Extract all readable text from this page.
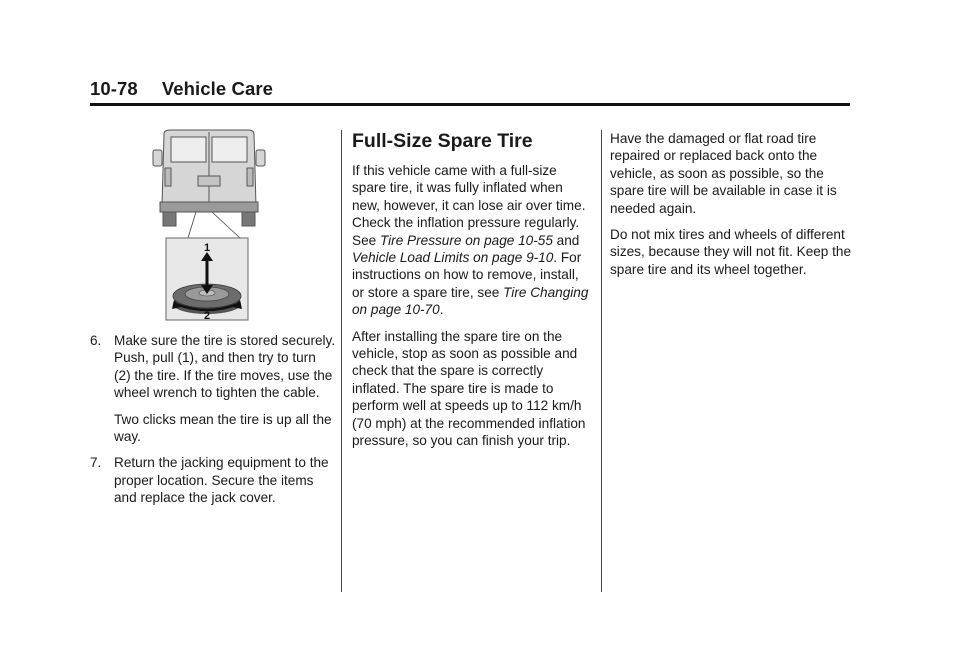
10-78 Vehicle Care
1
2
6. Make sure the tire is stored securely. Push, pull (1), and then try to turn (2) the tire. If the tire moves, use the wheel wrench to tighten the cable.
Two clicks mean the tire is up all the way.
7. Return the jacking equipment to the proper location. Secure the items and replace the jack cover.
Full-Size Spare Tire

If this vehicle came with a full-size spare tire, it was fully inflated when new, however, it can lose air over time. Check the inflation pressure regularly. See Tire Pressure on page 10-55 and Vehicle Load Limits on page 9-10. For instructions on how to remove, install, or store a spare tire, see Tire Changing on page 10-70.

After installing the spare tire on the vehicle, stop as soon as possible and check that the spare is correctly inflated. The spare tire is made to perform well at speeds up to 112 km/h (70 mph) at the recommended inflation pressure, so you can finish your trip.

Have the damaged or flat road tire repaired or replaced back onto the vehicle, as soon as possible, so the spare tire will be available in case it is needed again.

Do not mix tires and wheels of different sizes, because they will not fit. Keep the spare tire and its wheel together.
